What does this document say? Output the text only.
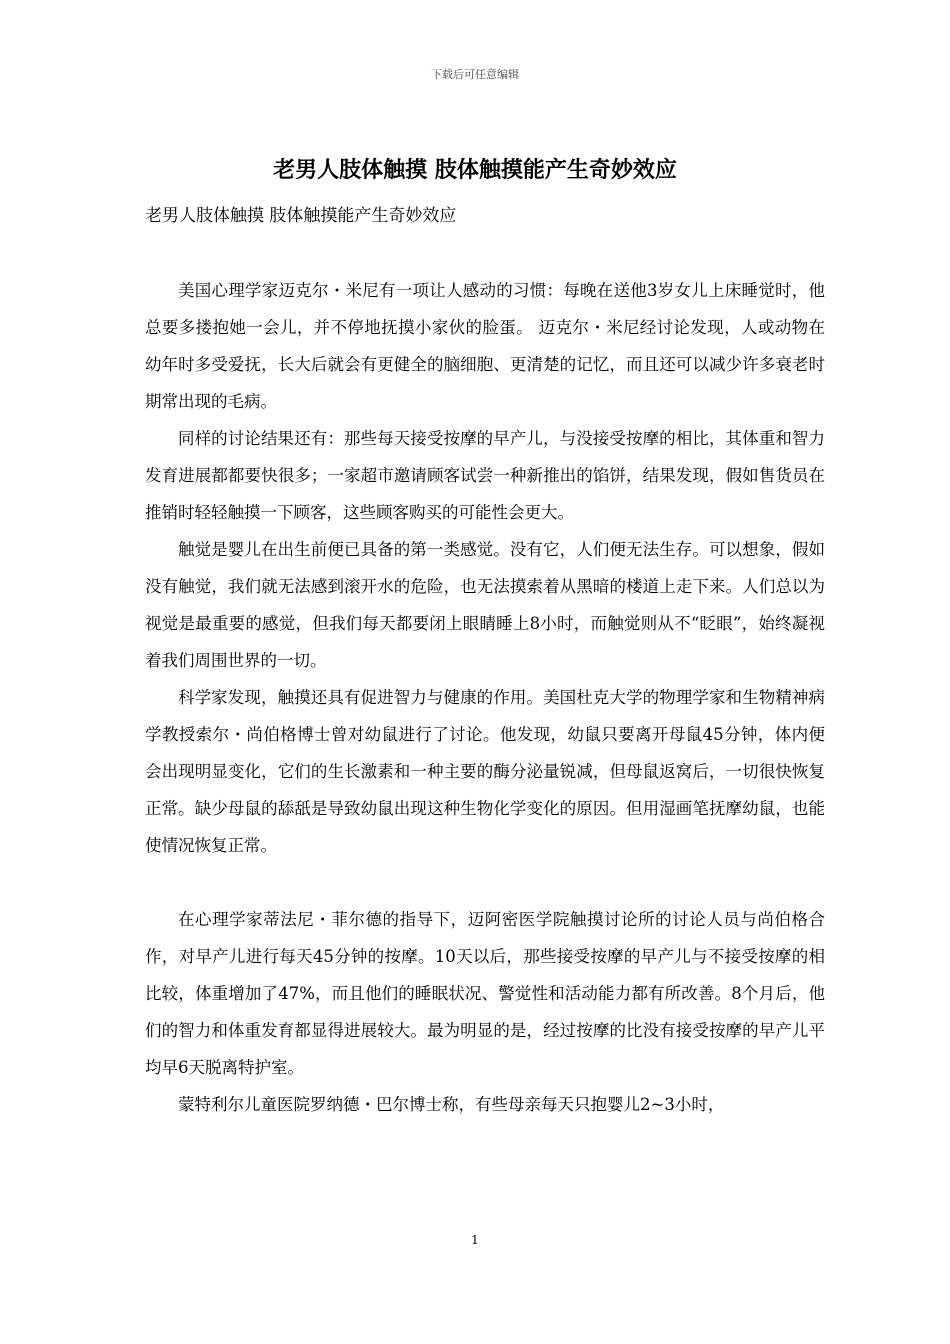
下载后可任意编辑
老男人肢体触摸 肢体触摸能产生奇妙效应

老男人肢体触摸 肢体触摸能产生奇妙效应

美国心理学家迈克尔・米尼有一项让人感动的习惯：每晚在送他3岁女儿上床睡觉时，他总要多搂抱她一会儿，并不停地抚摸小家伙的脸蛋。 迈克尔・米尼经讨论发现，人或动物在幼年时多受爱抚，长大后就会有更健全的脑细胞、更清楚的记忆，而且还可以减少许多衰老时期常出现的毛病。

同样的讨论结果还有：那些每天接受按摩的早产儿，与没接受按摩的相比，其体重和智力发育进展都都要快很多；一家超市邀请顾客试尝一种新推出的馅饼，结果发现，假如售货员在推销时轻轻触摸一下顾客，这些顾客购买的可能性会更大。

触觉是婴儿在出生前便已具备的第一类感觉。没有它，人们便无法生存。可以想象，假如没有触觉，我们就无法感到滚开水的危险，也无法摸索着从黑暗的楼道上走下来。人们总以为视觉是最重要的感觉，但我们每天都要闭上眼睛睡上8小时，而触觉则从不“眨眼”，始终凝视着我们周围世界的一切。

科学家发现，触摸还具有促进智力与健康的作用。美国杜克大学的物理学家和生物精神病学教授索尔・尚伯格博士曾对幼鼠进行了讨论。他发现，幼鼠只要离开母鼠45分钟，体内便会出现明显变化，它们的生长激素和一种主要的酶分泌量锐减，但母鼠返窝后，一切很快恢复正常。缺少母鼠的舔舐是导致幼鼠出现这种生物化学变化的原因。但用湿画笔抚摩幼鼠，也能使情况恢复正常。

在心理学家蒂法尼・菲尔德的指导下，迈阿密医学院触摸讨论所的讨论人员与尚伯格合作，对早产儿进行每天45分钟的按摩。10天以后，那些接受按摩的早产儿与不接受按摩的相比较，体重增加了47%，而且他们的睡眠状况、警觉性和活动能力都有所改善。8个月后，他们的智力和体重发育都显得进展较大。最为明显的是，经过按摩的比没有接受按摩的早产儿平均早6天脱离特护室。

蒙特利尔儿童医院罗纳德・巴尔博士称，有些母亲每天只抱婴儿2~3小时，

1
